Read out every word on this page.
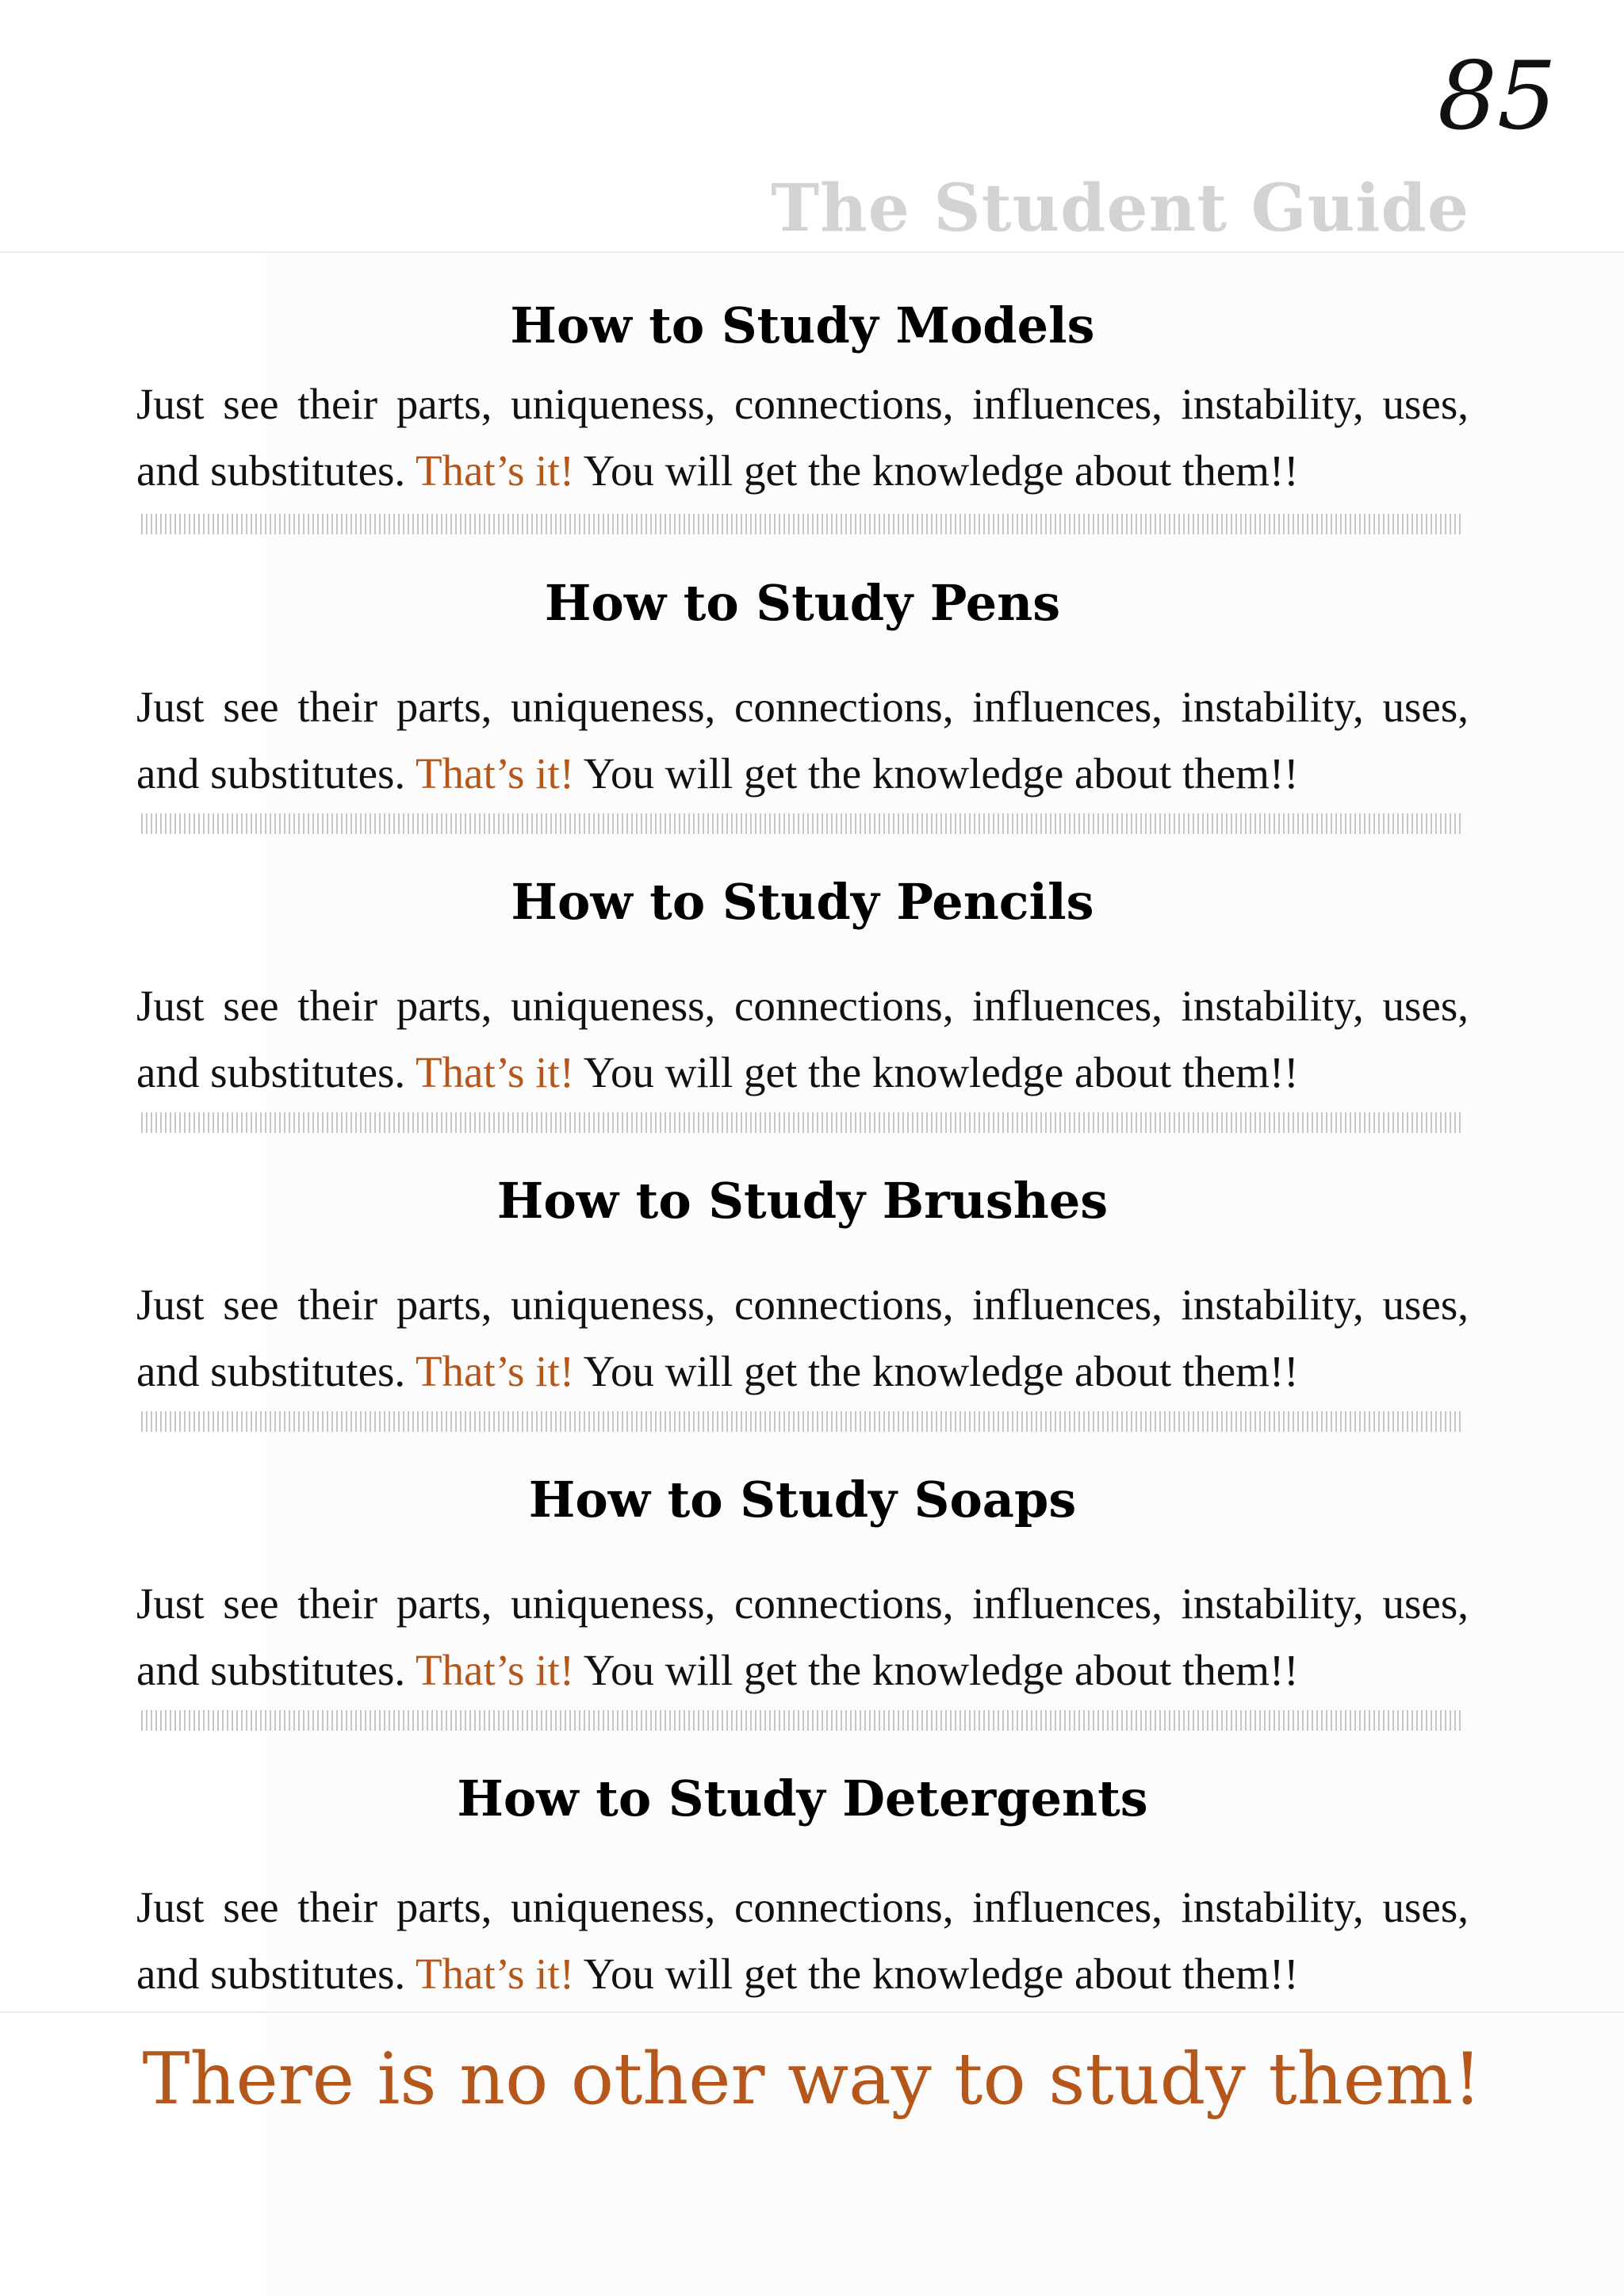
85
The Student Guide
How to Study Models

Just see their parts, uniqueness, connections, influences, instability, uses, and substitutes. That’s it! You will get the knowledge about them!!

How to Study Pens

Just see their parts, uniqueness, connections, influences, instability, uses, and substitutes. That’s it! You will get the knowledge about them!!

How to Study Pencils

Just see their parts, uniqueness, connections, influences, instability, uses, and substitutes. That’s it! You will get the knowledge about them!!

How to Study Brushes

Just see their parts, uniqueness, connections, influences, instability, uses, and substitutes. That’s it! You will get the knowledge about them!!

How to Study Soaps

Just see their parts, uniqueness, connections, influences, instability, uses, and substitutes. That’s it! You will get the knowledge about them!!

How to Study Detergents

Just see their parts, uniqueness, connections, influences, instability, uses, and substitutes. That’s it! You will get the knowledge about them!!

There is no other way to study them!
